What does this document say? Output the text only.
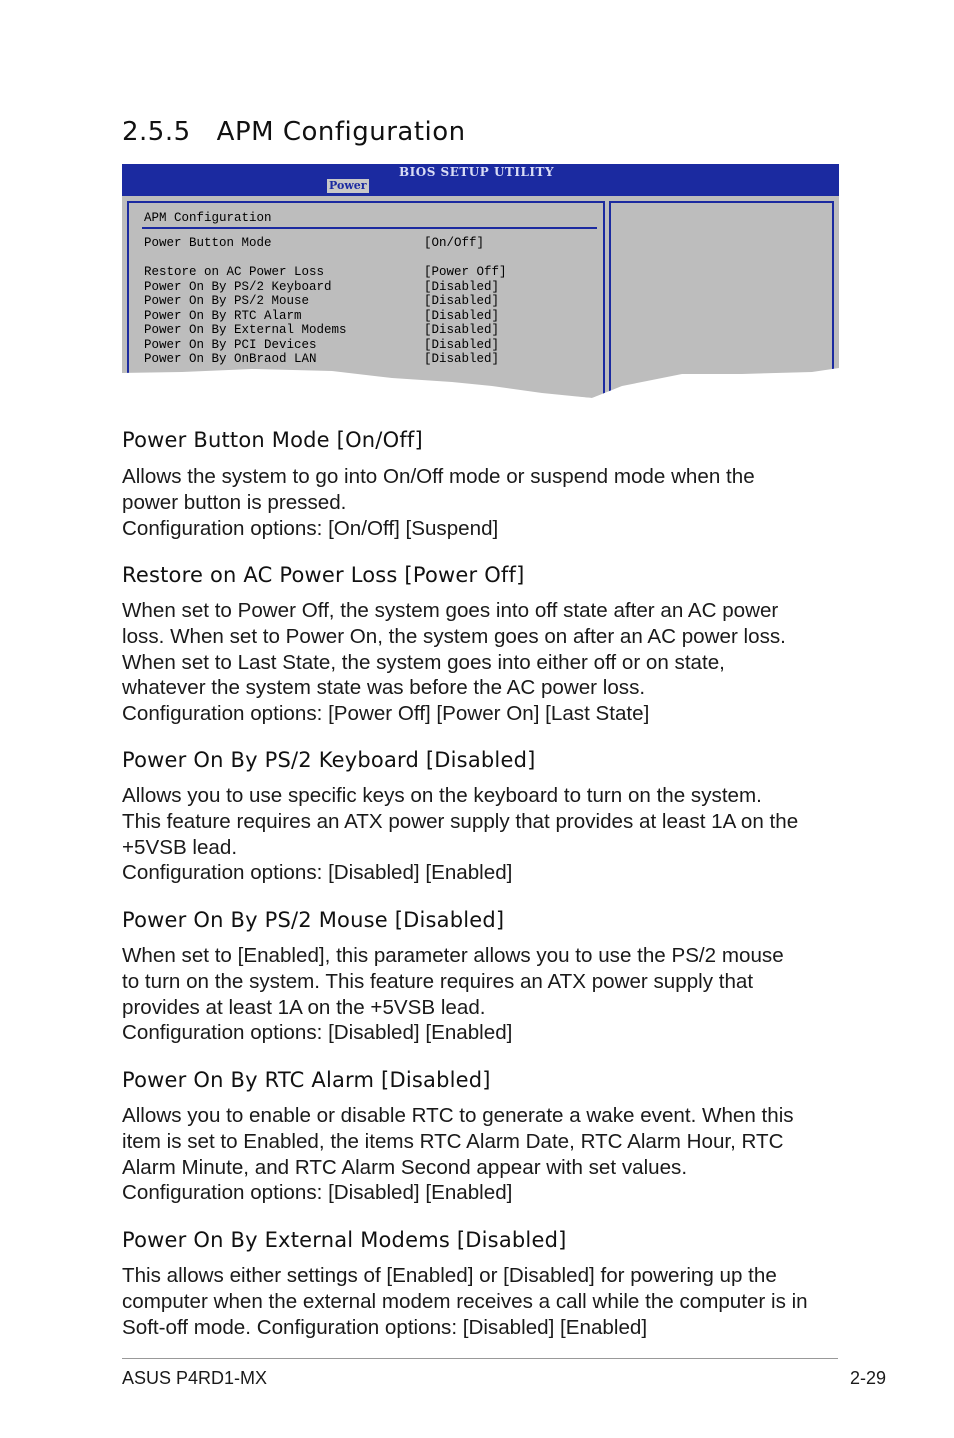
2.5.5 APM Configuration
BIOS SETUP UTILITY
Power
APM Configuration
Power Button Mode	[On/Off]
Restore on AC Power Loss	[Power Off]
Power On By PS/2 Keyboard	[Disabled]
Power On By PS/2 Mouse	[Disabled]
Power On By RTC Alarm	[Disabled]
Power On By External Modems	[Disabled]
Power On By PCI Devices	[Disabled]
Power On By OnBraod LAN	[Disabled]
Power Button Mode [On/Off]

Allows the system to go into On/Off mode or suspend mode when the
power button is pressed.
Configuration options: [On/Off] [Suspend]

Restore on AC Power Loss [Power Off]

When set to Power Off, the system goes into off state after an AC power
loss. When set to Power On, the system goes on after an AC power loss.
When set to Last State, the system goes into either off or on state,
whatever the system state was before the AC power loss.
Configuration options: [Power Off] [Power On] [Last State]

Power On By PS/2 Keyboard [Disabled]

Allows you to use specific keys on the keyboard to turn on the system.
This feature requires an ATX power supply that provides at least 1A on the
+5VSB lead.
Configuration options: [Disabled] [Enabled]

Power On By PS/2 Mouse [Disabled]

When set to [Enabled], this parameter allows you to use the PS/2 mouse
to turn on the system. This feature requires an ATX power supply that
provides at least 1A on the +5VSB lead.
Configuration options: [Disabled] [Enabled]

Power On By RTC Alarm [Disabled]

Allows you to enable or disable RTC to generate a wake event. When this
item is set to Enabled, the items RTC Alarm Date, RTC Alarm Hour, RTC
Alarm Minute, and RTC Alarm Second appear with set values.
Configuration options: [Disabled] [Enabled]

Power On By External Modems [Disabled]

This allows either settings of [Enabled] or [Disabled] for powering up the
computer when the external modem receives a call while the computer is in
Soft-off mode. Configuration options: [Disabled] [Enabled]

ASUS P4RD1-MX	2-29
